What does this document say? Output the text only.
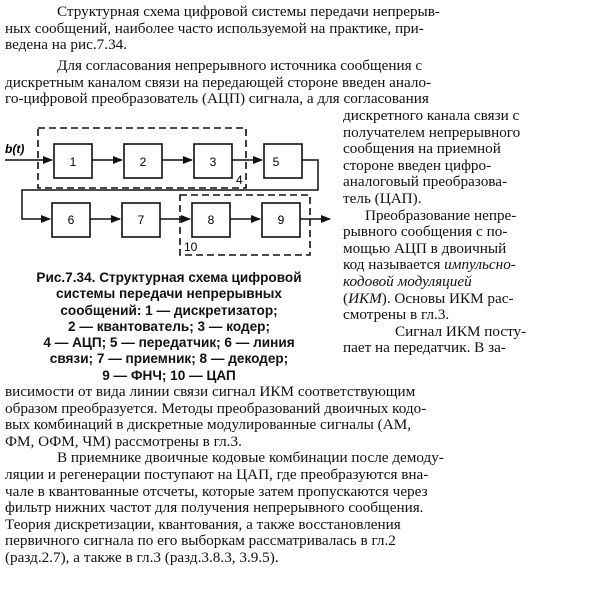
Структурная схема цифровой системы передачи непрерыв-
ных сообщений, наиболее часто используемой на практике, при-
ведена на рис.7.34.
Для согласования непрерывного источника сообщения с
дискретным каналом связи на передающей стороне введен анало-
го-цифровой преобразователь (АЦП) сигнала, а для согласования
дискретного канала связи с
получателем непрерывного
сообщения на приемной
стороне введен цифро-
аналоговый преобразова-
тель (ЦАП).
Преобразование непре-
рывного сообщения с по-
мощью АЦП в двоичный
код называется импульсно-
кодовой модуляцией
(ИКМ). Основы ИКМ рас-
смотрены в гл.3.
Сигнал ИКМ посту-
пает на передатчик. В за-
b(t)
1	2	3
4
5
6	7	8	9
10
Рис.7.34. Структурная схема цифровой
системы передачи непрерывных
сообщений: 1 — дискретизатор;
2 — квантователь; 3 — кодер;
4 — АЦП; 5 — передатчик; 6 — линия
связи; 7 — приемник; 8 — декодер;
9 — ФНЧ; 10 — ЦАП
висимости от вида линии связи сигнал ИКМ соответствующим
образом преобразуется. Методы преобразований двоичных кодо-
вых комбинаций в дискретные модулированные сигналы (АМ,
ФМ, ОФМ, ЧМ) рассмотрены в гл.3.
В приемнике двоичные кодовые комбинации после демоду-
ляции и регенерации поступают на ЦАП, где преобразуются вна-
чале в квантованные отсчеты, которые затем пропускаются через
фильтр нижних частот для получения непрерывного сообщения.
Теория дискретизации, квантования, а также восстановления
первичного сигнала по его выборкам рассматривалась в гл.2
(разд.2.7), а также в гл.3 (разд.3.8.3, 3.9.5).
